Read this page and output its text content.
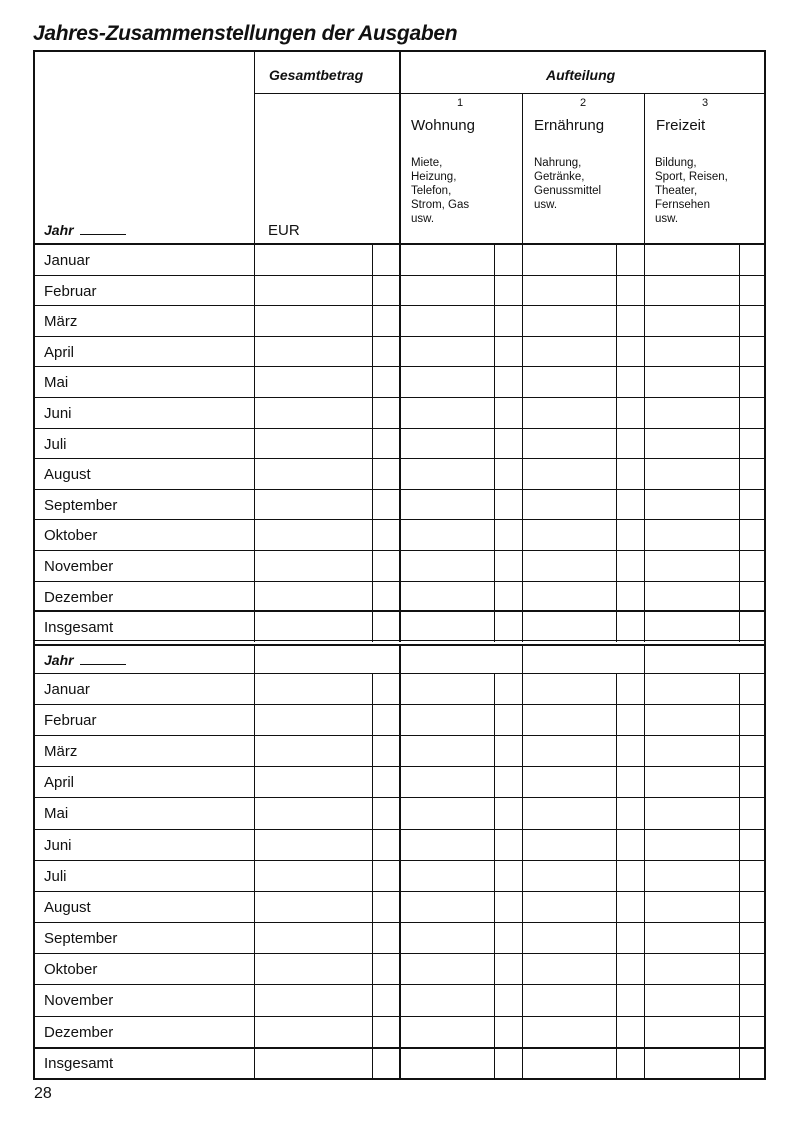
Jahres-Zusammenstellungen der Ausgaben
Gesamtbetrag	Aufteilung
EUR
Jahr
1
Wohnung
Miete,
Heizung,
Telefon,
Strom, Gas
usw.
2
Ernährung
Nahrung,
Getränke,
Genussmittel
usw.
3
Freizeit
Bildung,
Sport, Reisen,
Theater,
Fernsehen
usw.
Januar
Februar
März
April
Mai
Juni
Juli
August
September
Oktober
November
Dezember
Insgesamt
Jahr
Januar
Februar
März
April
Mai
Juni
Juli
August
September
Oktober
November
Dezember
Insgesamt
28
